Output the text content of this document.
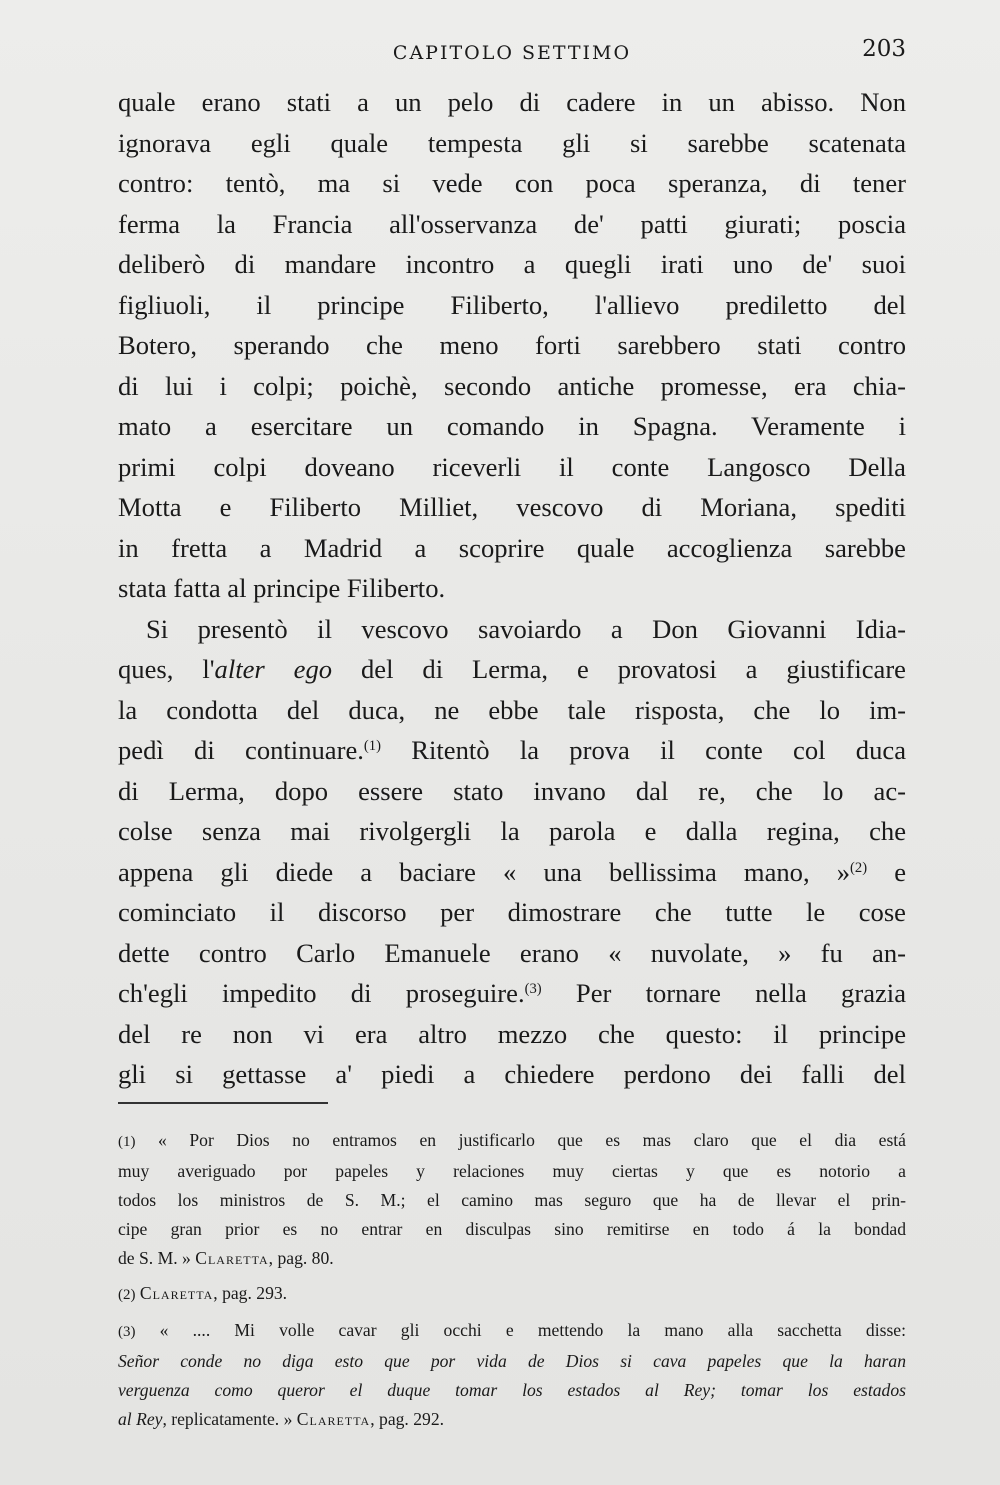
CAPITOLO SETTIMO	203

quale erano stati a un pelo di cadere in un abisso. Non

ignorava egli quale tempesta gli si sarebbe scatenata

contro: tentò, ma si vede con poca speranza, di tener

ferma la Francia all'osservanza de' patti giurati; poscia

deliberò di mandare incontro a quegli irati uno de' suoi

figliuoli, il principe Filiberto, l'allievo prediletto del

Botero, sperando che meno forti sarebbero stati contro

di lui i colpi; poichè, secondo antiche promesse, era chia-

mato a esercitare un comando in Spagna. Veramente i

primi colpi doveano riceverli il conte Langosco Della

Motta e Filiberto Milliet, vescovo di Moriana, spediti

in fretta a Madrid a scoprire quale accoglienza sarebbe

stata fatta al principe Filiberto.

Si presentò il vescovo savoiardo a Don Giovanni Idia-

ques, l'alter ego del di Lerma, e provatosi a giustificare

la condotta del duca, ne ebbe tale risposta, che lo im-

pedì di continuare.$^{(1)}$ Ritentò la prova il conte col duca

di Lerma, dopo essere stato invano dal re, che lo ac-

colse senza mai rivolgergli la parola e dalla regina, che

appena gli diede a baciare « una bellissima mano, »$^{(2)}$ e

cominciato il discorso per dimostrare che tutte le cose

dette contro Carlo Emanuele erano « nuvolate, » fu an-

ch'egli impedito di proseguire.$^{(3)}$ Per tornare nella grazia

del re non vi era altro mezzo che questo: il principe

gli si gettasse a' piedi a chiedere perdono dei falli del

(1) « Por Dios no entramos en justificarlo que es mas claro que el dia está
muy averiguado por papeles y relaciones muy ciertas y que es notorio a
todos los ministros de S. M.; el camino mas seguro que ha de llevar el prin-
cipe gran prior es no entrar en disculpas sino remitirse en todo á la bondad
de S. M. » Claretta, pag. 80.
(2) Claretta, pag. 293.
(3) « .... Mi volle cavar gli occhi e mettendo la mano alla sacchetta disse:
Señor conde no diga esto que por vida de Dios si cava papeles que la haran
verguenza como queror el duque tomar los estados al Rey; tomar los estados
al Rey, replicatamente. » Claretta, pag. 292.
